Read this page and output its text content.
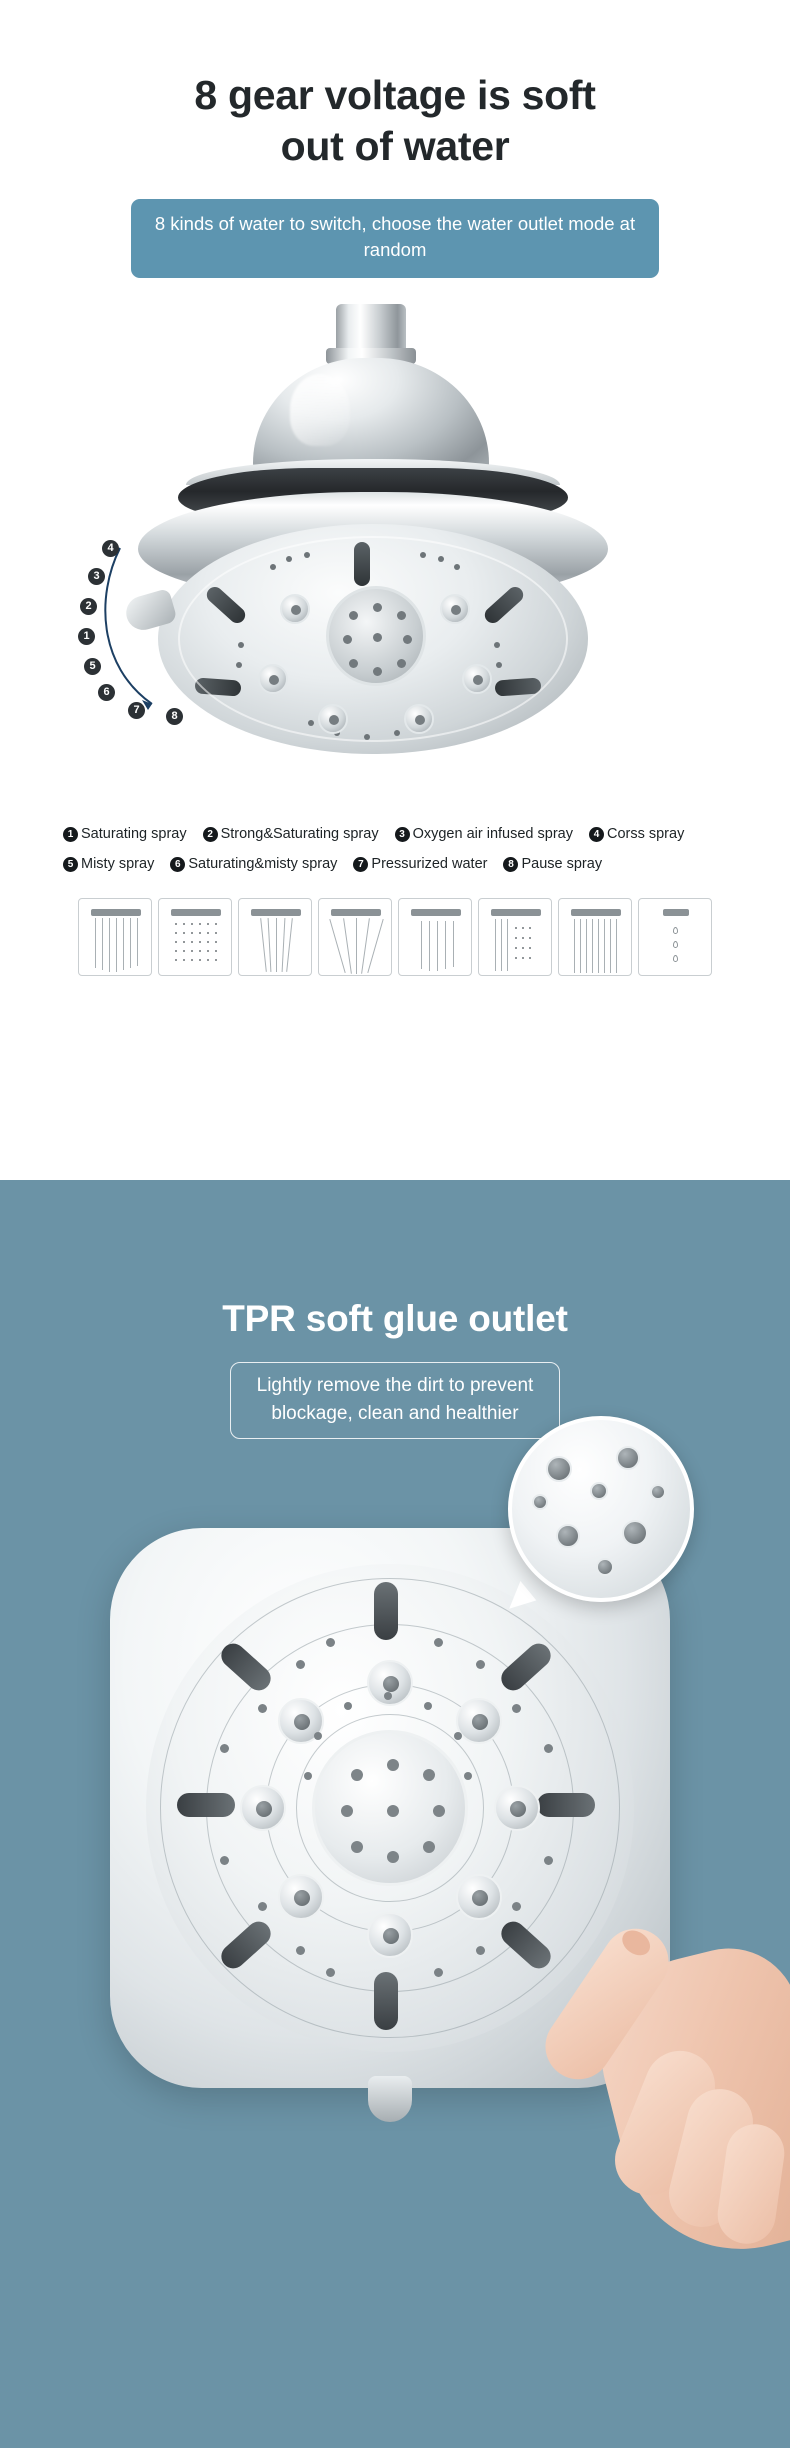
8 gear voltage is soft
out of water
8 kinds of water to switch, choose the water outlet mode at random
4
3
2
1
5
6
7	8
1 Saturating spray	2 Strong&Saturating spray	3 Oxygen air infused spray	4 Corss spray
5 Misty spray	6 Saturating&misty spray	7 Pressurized water	8 Pause spray
TPR soft glue outlet
Lightly remove the dirt to prevent
blockage, clean and healthier
